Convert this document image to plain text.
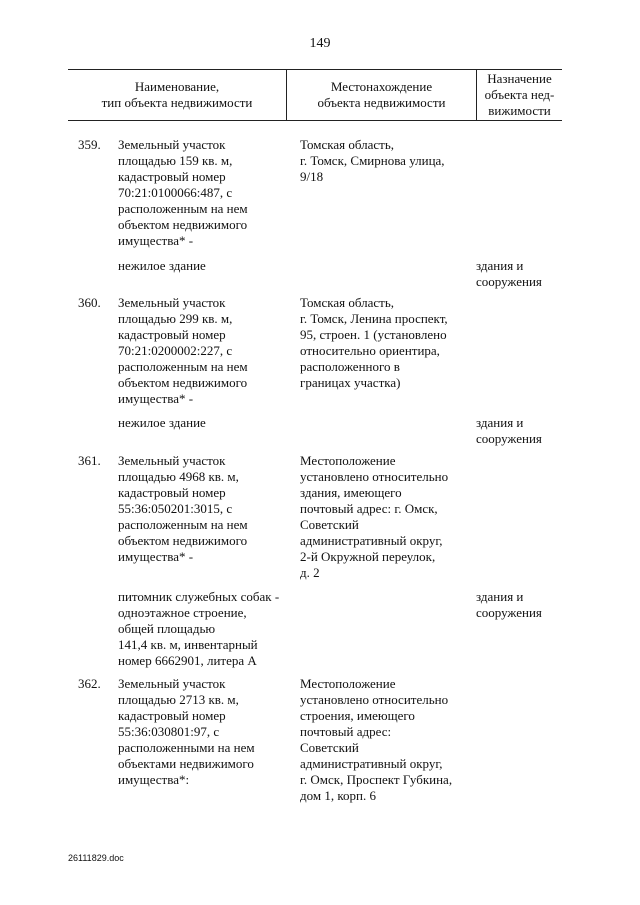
149
Наименование,
тип объекта недвижимости
Местонахождение
объекта недвижимости
Назначение
объекта нед-
вижимости
359. Земельный участок
площадью 159 кв. м,
кадастровый номер
70:21:0100066:487, с
расположенным на нем
объектом недвижимого
имущества* -
Томская область,
г. Томск, Смирнова улица,
9/18
нежилое здание	здания и
сооружения
360. Земельный участок
площадью 299 кв. м,
кадастровый номер
70:21:0200002:227, с
расположенным на нем
объектом недвижимого
имущества* -
Томская область,
г. Томск, Ленина проспект,
95, строен. 1 (установлено
относительно ориентира,
расположенного в
границах участка)
нежилое здание	здания и
сооружения
361. Земельный участок
площадью 4968 кв. м,
кадастровый номер
55:36:050201:3015, с
расположенным на нем
объектом недвижимого
имущества* -
Местоположение
установлено относительно
здания, имеющего
почтовый адрес: г. Омск,
Советский
административный округ,
2-й Окружной переулок,
д. 2
питомник служебных собак -
одноэтажное строение,
общей площадью
141,4 кв. м, инвентарный
номер 6662901, литера А
здания и
сооружения
362. Земельный участок
площадью 2713 кв. м,
кадастровый номер
55:36:030801:97, с
расположенными на нем
объектами недвижимого
имущества*:
Местоположение
установлено относительно
строения, имеющего
почтовый адрес:
Советский
административный округ,
г. Омск, Проспект Губкина,
дом 1, корп. 6
26111829.doc
